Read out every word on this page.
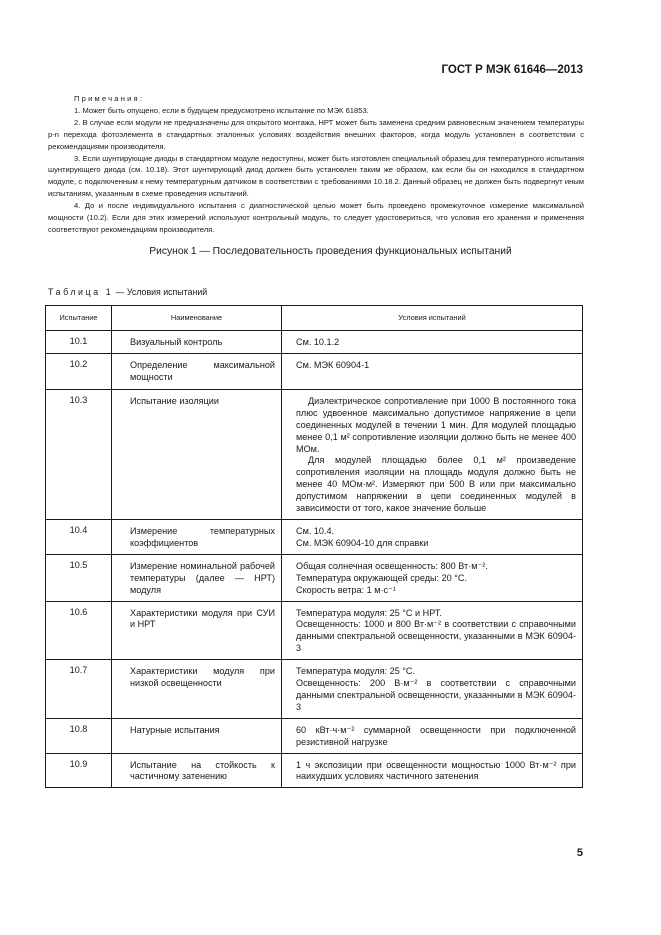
ГОСТ Р МЭК 61646—2013

Примечания:

1. Может быть опущено, если в будущем предусмотрено испытание по МЭК 61853.

2. В случае если модули не предназначены для открытого монтажа, НРТ может быть заменена средним равновесным значением температуры p-n перехода фотоэлемента в стандартных эталонных условиях воздействия внешних факторов, когда модуль установлен в соответствии с рекомендациями производителя.

3. Если шунтирующие диоды в стандартном модуле недоступны, может быть изготовлен специальный образец для температурного испытания шунтирующего диода (см. 10.18). Этот шунтирующий диод должен быть установлен таким же образом, как если бы он находился в стандартном модуле, с подключенным к нему температурным датчиком в соответствии с требованиями 10.18.2. Данный образец не должен быть подвергнут иным испытаниям, указанным в схеме проведения испытаний.

4. До и после индивидуального испытания с диагностической целью может быть проведено промежуточное измерение максимальной мощности (10.2). Если для этих измерений используют контрольный модуль, то следует удостовериться, что условия его хранения и применения соответствуют рекомендациям производителя.

Рисунок 1 — Последовательность проведения функциональных испытаний
Таблица 1 — Условия испытаний
Испытание	Наименование	Условия испытаний
10.1	Визуальный контроль	См. 10.1.2

10.2	Определение максимальной мощности	См. МЭК 60904-1

10.3	Испытание изоляции	Диэлектрическое сопротивление при 1000 В постоянного тока плюс удвоенное максимально допустимое напряжение в цепи соединенных модулей в течении 1 мин. Для модулей площадью менее 0,1 м² сопротивление изоляции должно быть не менее 400 МОм.
Для модулей площадью более 0,1 м² произведение сопротивления изоляции на площадь модуля должно быть не менее 40 МОм·м². Измеряют при 500 В или при максимально допустимом напряжении в цепи соединенных модулей в зависимости от того, какое значение больше

10.4	Измерение температурных коэффициентов	См. 10.4.
См. МЭК 60904-10 для справки

10.5	Измерение номинальной рабочей температуры (далее — НРТ) модуля	Общая солнечная освещенность: 800 Вт·м⁻².
Температура окружающей среды: 20 °С.
Скорость ветра: 1 м·с⁻¹

10.6	Характеристики модуля при СУИ и НРТ	Температура модуля: 25 °С и НРТ.
Освещенность: 1000 и 800 Вт·м⁻² в соответствии с справочными данными спектральной освещенности, указанными в МЭК 60904-3

10.7	Характеристики модуля при низкой освещенности	Температура модуля: 25 °С.
Освещенность: 200 В·м⁻² в соответствии с справочными данными спектральной освещенности, указанными в МЭК 60904-3

10.8	Натурные испытания	60 кВт·ч·м⁻² суммарной освещенности при подключенной резистивной нагрузке

10.9	Испытание на стойкость к частичному затенению	1 ч экспозиции при освещенности мощностью 1000 Вт·м⁻² при наихудших условиях частичного затенения
5
